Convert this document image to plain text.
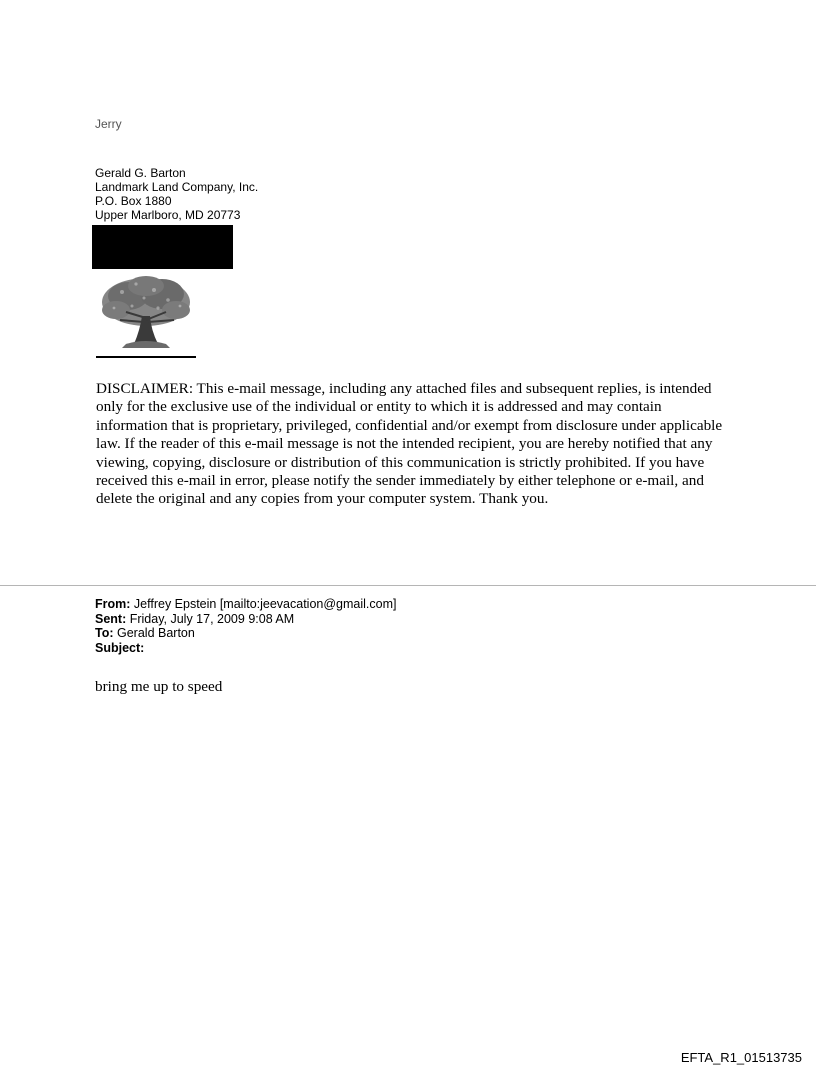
Jerry
Gerald G. Barton
Landmark Land Company, Inc.
P.O. Box 1880
Upper Marlboro, MD 20773
DISCLAIMER: This e-mail message, including any attached files and subsequent replies, is intended only for the exclusive use of the individual or entity to which it is addressed and may contain information that is proprietary, privileged, confidential and/or exempt from disclosure under applicable law. If the reader of this e-mail message is not the intended recipient, you are hereby notified that any viewing, copying, disclosure or distribution of this communication is strictly prohibited. If you have received this e-mail in error, please notify the sender immediately by either telephone or e-mail, and delete the original and any copies from your computer system. Thank you.
From: Jeffrey Epstein [mailto:jeevacation@gmail.com]
Sent: Friday, July 17, 2009 9:08 AM
To: Gerald Barton
Subject:
bring me up to speed
EFTA_R1_01513735
